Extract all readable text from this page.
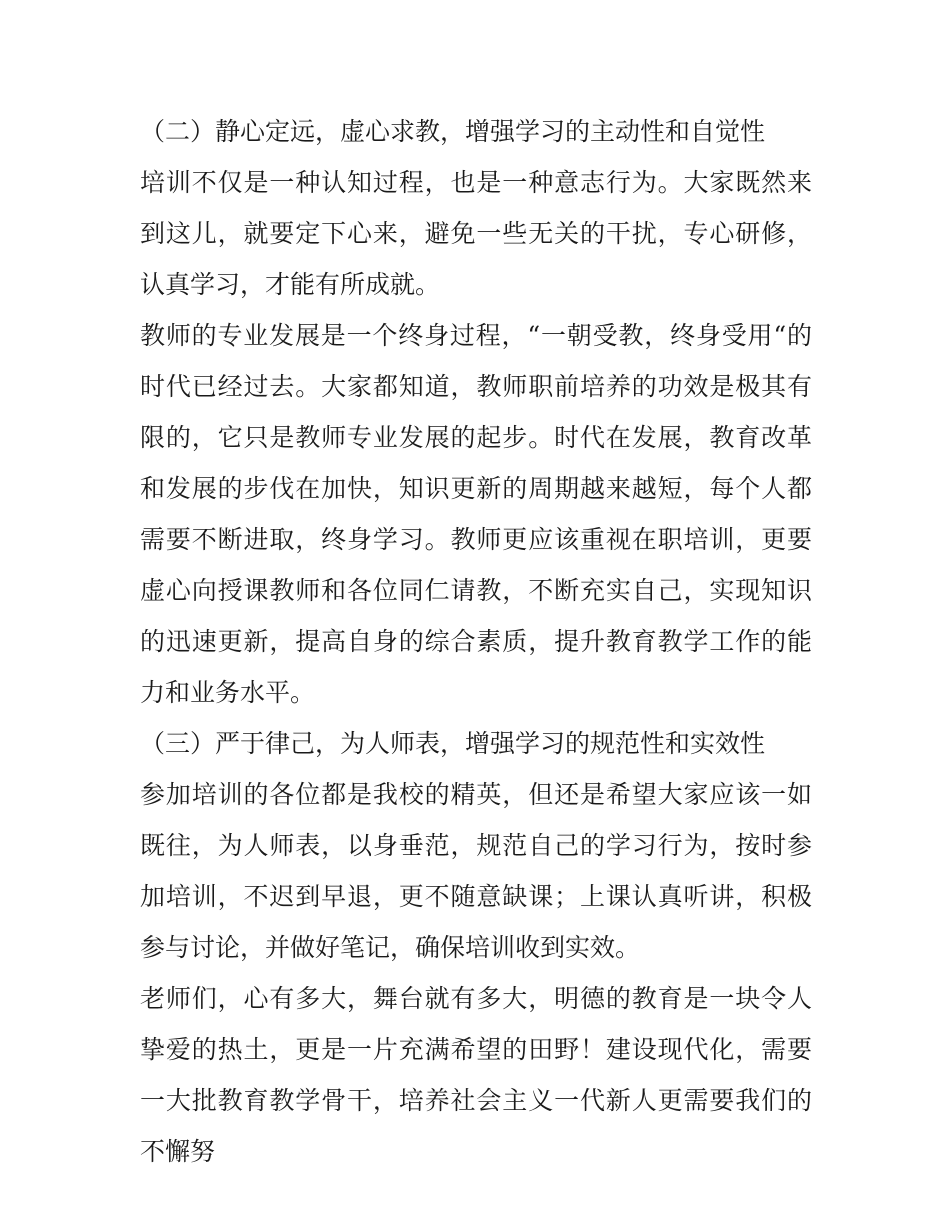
（二）静心定远，虚心求教，增强学习的主动性和自觉性

培训不仅是一种认知过程，也是一种意志行为。大家既然来到这儿，就要定下心来，避免一些无关的干扰，专心研修，认真学习，才能有所成就。

教师的专业发展是一个终身过程，“一朝受教，终身受用“的时代已经过去。大家都知道，教师职前培养的功效是极其有限的，它只是教师专业发展的起步。时代在发展，教育改革和发展的步伐在加快，知识更新的周期越来越短，每个人都需要不断进取，终身学习。教师更应该重视在职培训，更要虚心向授课教师和各位同仁请教，不断充实自己，实现知识的迅速更新，提高自身的综合素质，提升教育教学工作的能力和业务水平。

（三）严于律己，为人师表，增强学习的规范性和实效性

参加培训的各位都是我校的精英，但还是希望大家应该一如既往，为人师表，以身垂范，规范自己的学习行为，按时参加培训，不迟到早退，更不随意缺课；上课认真听讲，积极参与讨论，并做好笔记，确保培训收到实效。

老师们，心有多大，舞台就有多大，明德的教育是一块令人挚爱的热土，更是一片充满希望的田野！建设现代化，需要一大批教育教学骨干，培养社会主义一代新人更需要我们的不懈努
